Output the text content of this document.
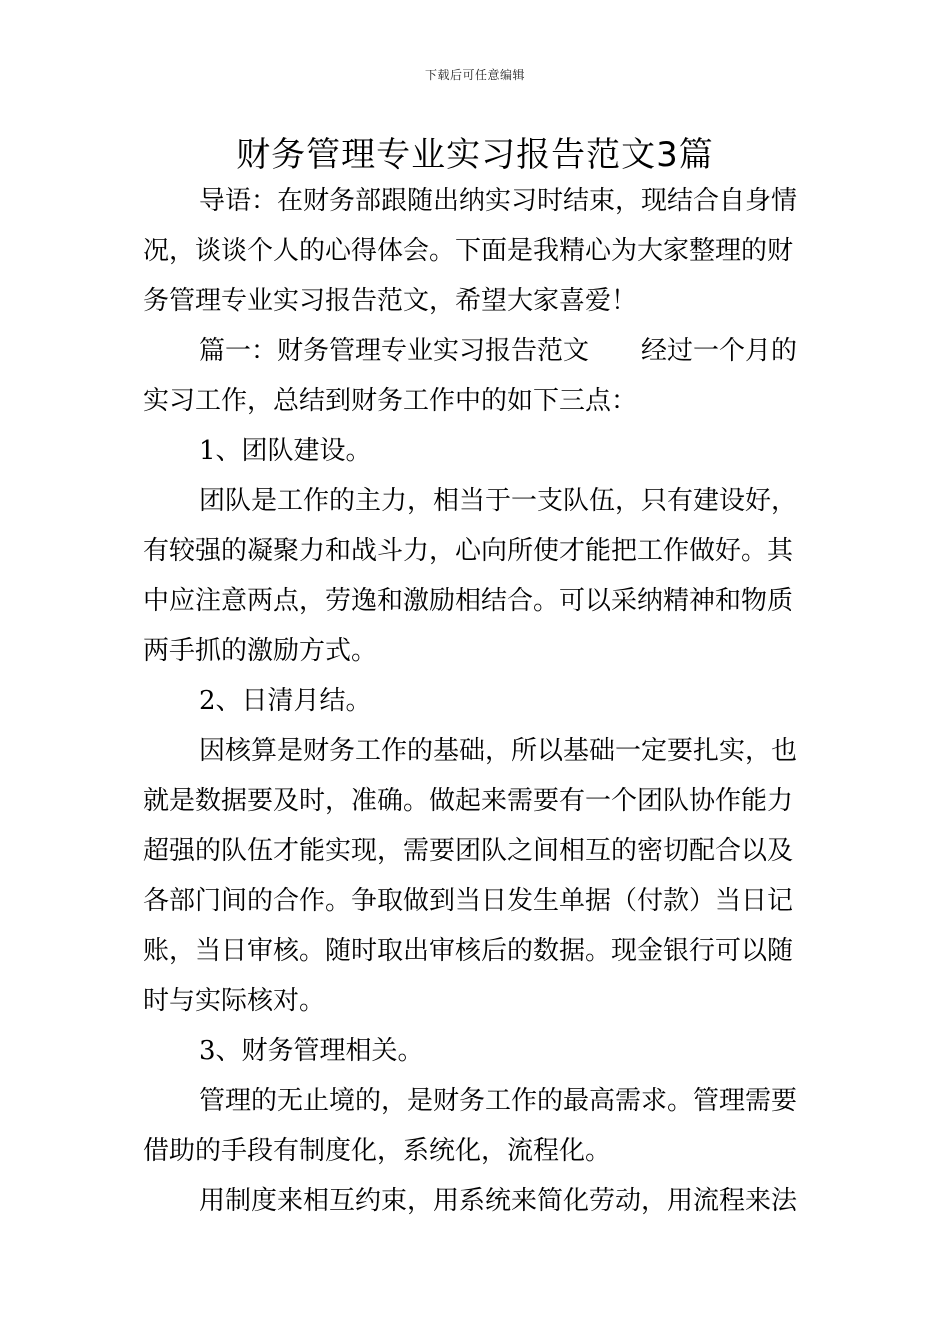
下载后可任意编辑
财务管理专业实习报告范文3篇

导语：在财务部跟随出纳实习时结束，现结合自身情况，谈谈个人的心得体会。下面是我精心为大家整理的财务管理专业实习报告范文，希望大家喜爱！

篇一：财务管理专业实习报告范文　　经过一个月的实习工作，总结到财务工作中的如下三点：

1、团队建设。

团队是工作的主力，相当于一支队伍，只有建设好，有较强的凝聚力和战斗力，心向所使才能把工作做好。其中应注意两点，劳逸和激励相结合。可以采纳精神和物质两手抓的激励方式。

2、日清月结。

因核算是财务工作的基础，所以基础一定要扎实，也就是数据要及时，准确。做起来需要有一个团队协作能力超强的队伍才能实现，需要团队之间相互的密切配合以及各部门间的合作。争取做到当日发生单据（付款）当日记账，当日审核。随时取出审核后的数据。现金银行可以随时与实际核对。

3、财务管理相关。

管理的无止境的，是财务工作的最高需求。管理需要借助的手段有制度化，系统化，流程化。

用制度来相互约束，用系统来简化劳动，用流程来法
